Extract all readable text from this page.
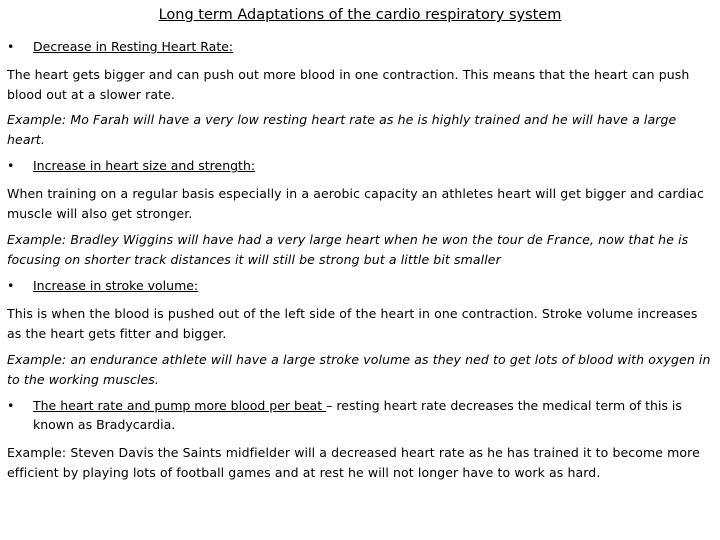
Long term Adaptations of the cardio respiratory system
•	Decrease in Resting Heart Rate:
The heart gets bigger and can push out more blood in one contraction. This means that the heart can push blood out at a slower rate.
Example: Mo Farah will have a very low resting heart rate as he is highly trained and he will have a large heart.
•	Increase in heart size and strength:
When training on a regular basis especially in a aerobic capacity an athletes heart will get bigger and cardiac muscle will also get stronger.
Example: Bradley Wiggins will have had a very large heart when he won the tour de France, now that he is focusing on shorter track distances it will still be strong but a little bit smaller
•	Increase in stroke volume:
This is when the blood is pushed out of the left side of the heart in one contraction. Stroke volume increases as the heart gets fitter and bigger.
Example: an endurance athlete will have a large stroke volume as they ned to get lots of blood with oxygen in to the working muscles.
•	The heart rate and pump more blood per beat – resting heart rate decreases the medical term of this is known as Bradycardia.
Example: Steven Davis the Saints midfielder will a decreased heart rate as he has trained it to become more efficient by playing lots of football games and at rest he will not longer have to work as hard.
